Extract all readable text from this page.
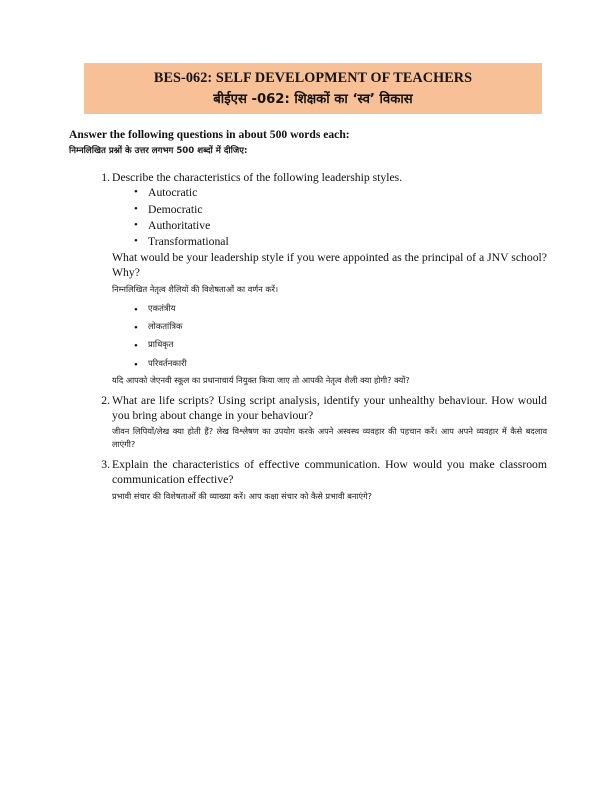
BES-062: SELF DEVELOPMENT OF TEACHERS
बीईएस -062: शिक्षकों का ‘स्व’ विकास
Answer the following questions in about 500 words each:
निम्नलिखित प्रश्नों के उत्तर लगभग 500 शब्दों में दीजिए:
1. Describe the characteristics of the following leadership styles.
• Autocratic
• Democratic
• Authoritative
• Transformational
What would be your leadership style if you were appointed as the principal of a JNV school? Why?
निम्नलिखित नेतृत्व शैलियों की विशेषताओं का वर्णन करें।
• एकतंत्रीय
• लोकतांत्रिक
• प्राधिकृत
• परिवर्तनकारी
यदि आपको जेएनवी स्कूल का प्रधानाचार्य नियुक्त किया जाए तो आपकी नेतृत्व शैली क्या होगी? क्यों?
2. What are life scripts? Using script analysis, identify your unhealthy behaviour. How would you bring about change in your behaviour?
जीवन लिपियों/लेख क्या होती हैं? लेख विश्लेषण का उपयोग करके अपने अस्वस्थ व्यवहार की पहचान करें। आप अपने व्यवहार में कैसे बदलाव लाएंगी?
3. Explain the characteristics of effective communication. How would you make classroom communication effective?
प्रभावी संचार की विशेषताओं की व्याख्या करें। आप कक्षा संचार को कैसे प्रभावी बनाएंगे?
